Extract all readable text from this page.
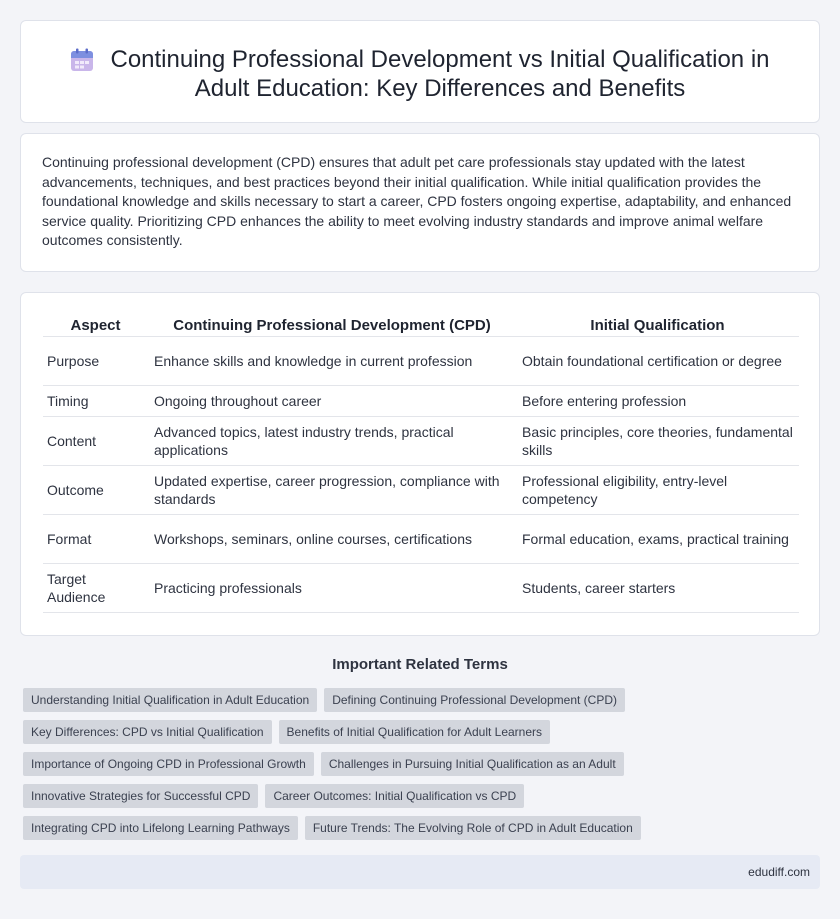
Continuing Professional Development vs Initial Qualification in Adult Education: Key Differences and Benefits

Continuing professional development (CPD) ensures that adult pet care professionals stay updated with the latest advancements, techniques, and best practices beyond their initial qualification. While initial qualification provides the foundational knowledge and skills necessary to start a career, CPD fosters ongoing expertise, adaptability, and enhanced service quality. Prioritizing CPD enhances the ability to meet evolving industry standards and improve animal welfare outcomes consistently.

Aspect	Continuing Professional Development (CPD)	Initial Qualification
Purpose	Enhance skills and knowledge in current profession	Obtain foundational certification or degree
Timing	Ongoing throughout career	Before entering profession
Content	Advanced topics, latest industry trends, practical applications	Basic principles, core theories, fundamental skills
Outcome	Updated expertise, career progression, compliance with standards	Professional eligibility, entry-level competency
Format	Workshops, seminars, online courses, certifications	Formal education, exams, practical training
Target Audience	Practicing professionals	Students, career starters
Important Related Terms
Understanding Initial Qualification in Adult Education	Defining Continuing Professional Development (CPD)
Key Differences: CPD vs Initial Qualification	Benefits of Initial Qualification for Adult Learners
Importance of Ongoing CPD in Professional Growth	Challenges in Pursuing Initial Qualification as an Adult
Innovative Strategies for Successful CPD	Career Outcomes: Initial Qualification vs CPD
Integrating CPD into Lifelong Learning Pathways	Future Trends: The Evolving Role of CPD in Adult Education
edudiff.com
